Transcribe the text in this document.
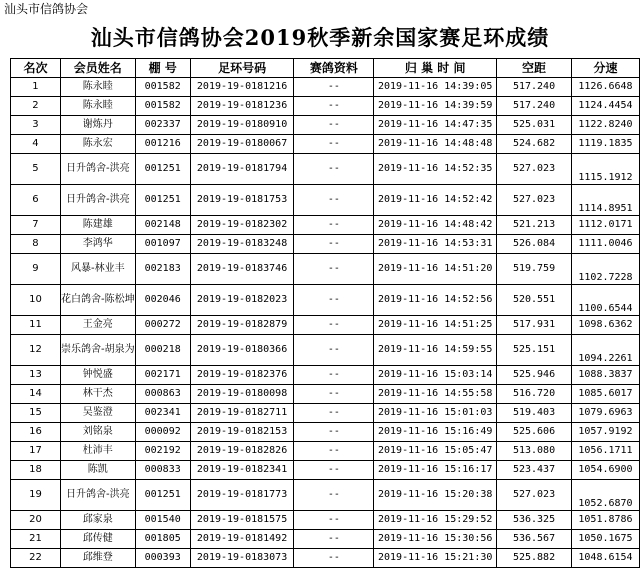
汕头市信鸽协会
汕头市信鸽协会2019秋季新余国家赛足环成绩
名次	会员姓名	棚 号	足环号码	赛鸽资料	归 巢 时 间	空距	分速
1	陈永睦	001582	2019-19-0181216	--	2019-11-16 14:39:05	517.240	1126.6648
2	陈永睦	001582	2019-19-0181236	--	2019-11-16 14:39:59	517.240	1124.4454
3	谢炼丹	002337	2019-19-0180910	--	2019-11-16 14:47:35	525.031	1122.8240
4	陈永宏	001216	2019-19-0180067	--	2019-11-16 14:48:48	524.682	1119.1835
5	日升鸽舍-洪亮	001251	2019-19-0181794	--	2019-11-16 14:52:35	527.023	1115.1912
6	日升鸽舍-洪亮	001251	2019-19-0181753	--	2019-11-16 14:52:42	527.023	1114.8951
7	陈建雄	002148	2019-19-0182302	--	2019-11-16 14:48:42	521.213	1112.0171
8	李鸿华	001097	2019-19-0183248	--	2019-11-16 14:53:31	526.084	1111.0046
9	风暴-林业丰	002183	2019-19-0183746	--	2019-11-16 14:51:20	519.759	1102.7228
10	花白鸽舍-陈松坤	002046	2019-19-0182023	--	2019-11-16 14:52:56	520.551	1100.6544
11	王金亮	000272	2019-19-0182879	--	2019-11-16 14:51:25	517.931	1098.6362
12	崇乐鸽舍-胡泉为	000218	2019-19-0180366	--	2019-11-16 14:59:55	525.151	1094.2261
13	钟悦盛	002171	2019-19-0182376	--	2019-11-16 15:03:14	525.946	1088.3837
14	林干杰	000863	2019-19-0180098	--	2019-11-16 14:55:58	516.720	1085.6017
15	吴鉴澄	002341	2019-19-0182711	--	2019-11-16 15:01:03	519.403	1079.6963
16	刘铭泉	000092	2019-19-0182153	--	2019-11-16 15:16:49	525.606	1057.9192
17	杜沛丰	002192	2019-19-0182826	--	2019-11-16 15:05:47	513.080	1056.1711
18	陈凯	000833	2019-19-0182341	--	2019-11-16 15:16:17	523.437	1054.6900
19	日升鸽舍-洪亮	001251	2019-19-0181773	--	2019-11-16 15:20:38	527.023	1052.6870
20	邱家泉	001540	2019-19-0181575	--	2019-11-16 15:29:52	536.325	1051.8786
21	邱传健	001805	2019-19-0181492	--	2019-11-16 15:30:56	536.567	1050.1675
22	邱维登	000393	2019-19-0183073	--	2019-11-16 15:21:30	525.882	1048.6154
